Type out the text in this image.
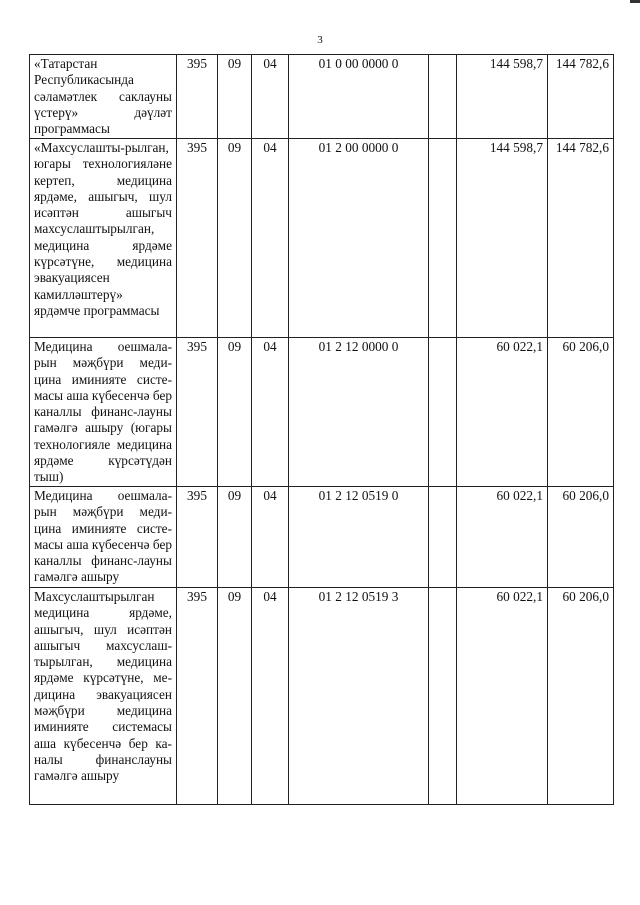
3
«Татарстан Республикасында сәламәтлек саклауны үстерү» дәүләт программасы	395	09	04	01 0 00 0000 0		144 598,7	144 782,6
«Махсуслашты-рылган, югары технологияләне кертеп, медицина ярдәме, ашыгыч, шул исәптән ашыгыч махсуслаштырылган, медицина ярдәме күрсәтүне, медицина эвакуациясен камилләштерү» ярдәмче программасы	395	09	04	01 2 00 0000 0		144 598,7	144 782,6
Медицина оешмала-рын мәҗбүри меди-цина иминияте систе-масы аша күбесенчә бер каналлы финанс-лауны гамәлгә ашыру (югары технологияле медицина ярдәме күрсәтүдән тыш)	395	09	04	01 2 12 0000 0		60 022,1	60 206,0
Медицина оешмала-рын мәҗбүри меди-цина иминияте систе-масы аша күбесенчә бер каналлы финанс-лауны гамәлгә ашыру	395	09	04	01 2 12 0519 0		60 022,1	60 206,0
Махсуслаштырылган медицина ярдәме, ашыгыч, шул исәптән ашыгыч махсуслаш-тырылган, медицина ярдәме күрсәтүне, ме-дицина эвакуациясен мәҗбүри медицина иминияте системасы аша күбесенчә бер ка-налы финанслауны гамәлгә ашыру	395	09	04	01 2 12 0519 3		60 022,1	60 206,0
